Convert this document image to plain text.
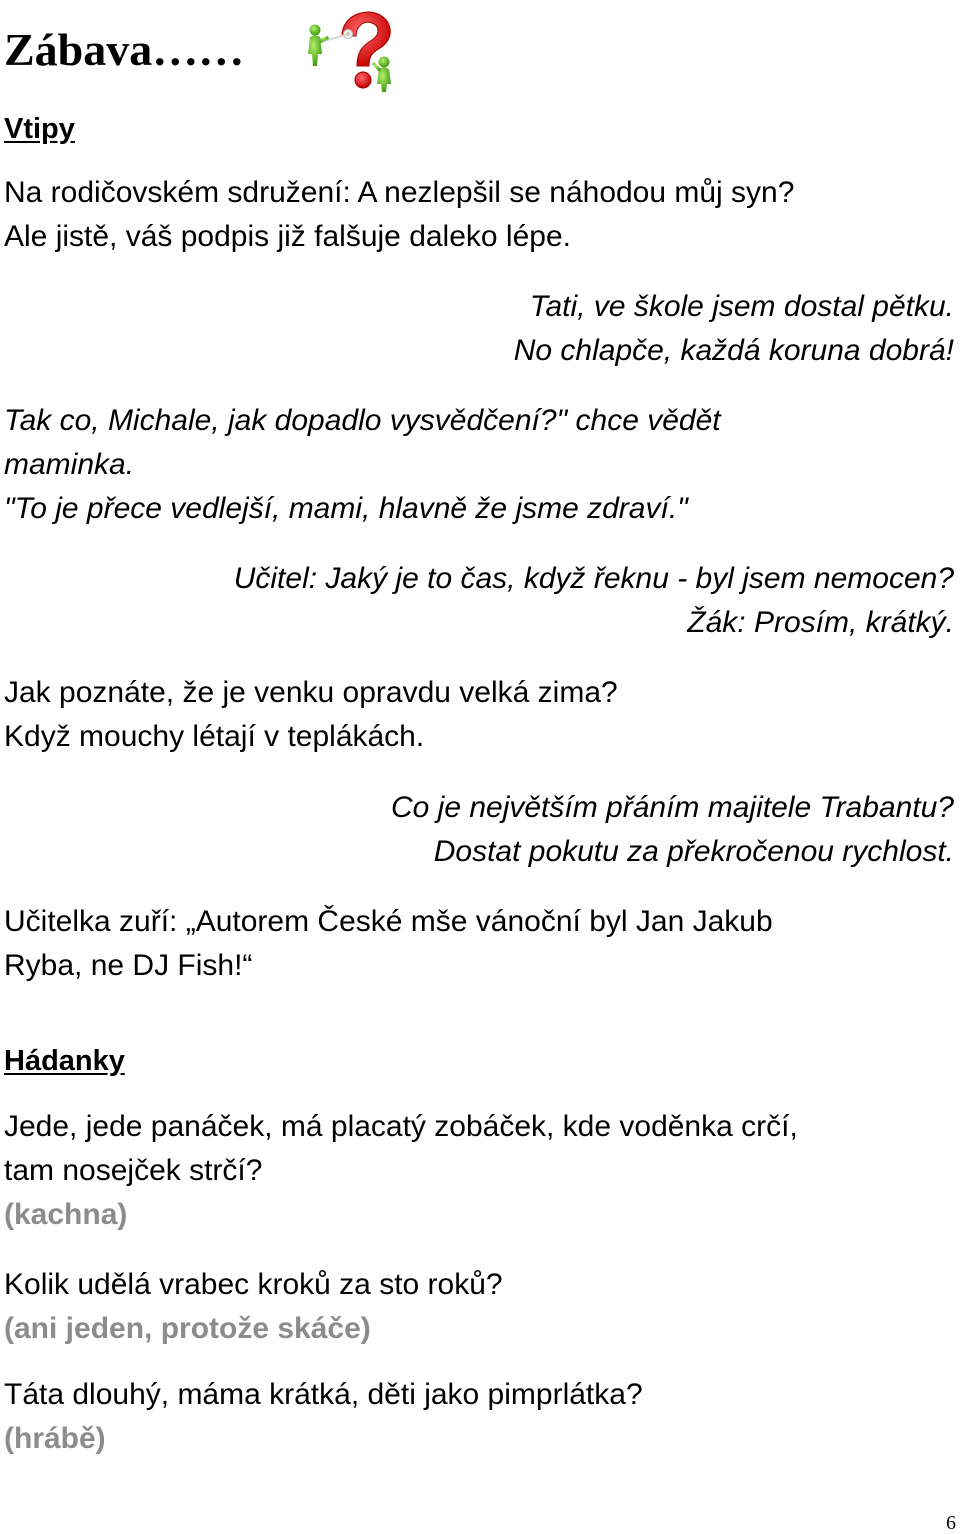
Zábava……
Vtipy
Na rodičovském sdružení: A nezlepšil se náhodou můj syn?
Ale jistě, váš podpis již falšuje daleko lépe.
Tati, ve škole jsem dostal pětku.
No chlapče, každá koruna dobrá!
Tak co, Michale, jak dopadlo vysvědčení?" chce vědět
maminka.
"To je přece vedlejší, mami, hlavně že jsme zdraví."
Učitel: Jaký je to čas, když řeknu - byl jsem nemocen?
Žák: Prosím, krátký.
Jak poznáte, že je venku opravdu velká zima?
Když mouchy létají v teplákách.
Co je největším přáním majitele Trabantu?
Dostat pokutu za překročenou rychlost.
Učitelka zuří: „Autorem České mše vánoční byl Jan Jakub
Ryba, ne DJ Fish!“
Hádanky
Jede, jede panáček, má placatý zobáček, kde voděnka crčí,
tam nosejček strčí?
(kachna)
Kolik udělá vrabec kroků za sto roků?
(ani jeden, protože skáče)
Táta dlouhý, máma krátká, děti jako pimprlátka?
(hrábě)
6
